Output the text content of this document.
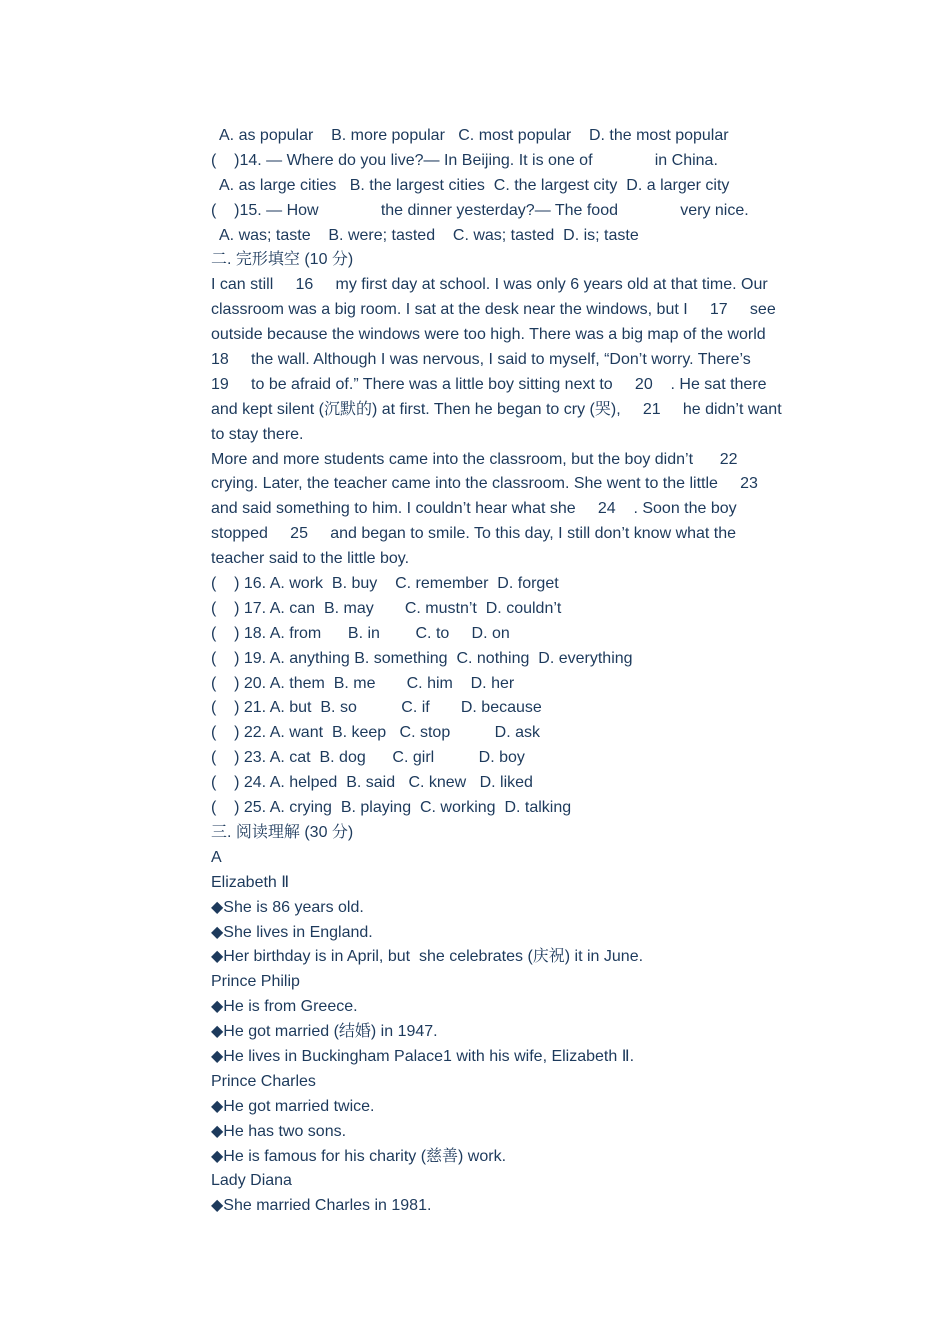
A. as popular    B. more popular   C. most popular    D. the most popular
(    )14. — Where do you live?— In Beijing. It is one of              in China.
A. as large cities   B. the largest cities  C. the largest city  D. a larger city
(    )15. — How              the dinner yesterday?— The food              very nice.
A. was; taste    B. were; tasted    C. was; tasted  D. is; taste
二. 完形填空 (10 分)
I can still     16     my first day at school. I was only 6 years old at that time. Our
classroom was a big room. I sat at the desk near the windows, but I     17     see
outside because the windows were too high. There was a big map of the world
18     the wall. Although I was nervous, I said to myself, “Don’t worry. There’s
19     to be afraid of.” There was a little boy sitting next to     20    . He sat there
and kept silent (沉默的) at first. Then he began to cry (哭),     21     he didn’t want
to stay there.
More and more students came into the classroom, but the boy didn’t      22
crying. Later, the teacher came into the classroom. She went to the little     23
and said something to him. I couldn’t hear what she     24    . Soon the boy
stopped     25     and began to smile. To this day, I still don’t know what the
teacher said to the little boy.
(    ) 16. A. work  B. buy    C. remember  D. forget
(    ) 17. A. can  B. may       C. mustn’t  D. couldn’t
(    ) 18. A. from      B. in        C. to     D. on
(    ) 19. A. anything B. something  C. nothing  D. everything
(    ) 20. A. them  B. me       C. him    D. her
(    ) 21. A. but  B. so          C. if       D. because
(    ) 22. A. want  B. keep   C. stop          D. ask
(    ) 23. A. cat  B. dog      C. girl          D. boy
(    ) 24. A. helped  B. said   C. knew   D. liked
(    ) 25. A. crying  B. playing  C. working  D. talking
三. 阅读理解 (30 分)
A
Elizabeth Ⅱ
◆She is 86 years old.
◆She lives in England.
◆Her birthday is in April, but  she celebrates (庆祝) it in June.
Prince Philip
◆He is from Greece.
◆He got married (结婚) in 1947.
◆He lives in Buckingham Palace1 with his wife, Elizabeth Ⅱ.
Prince Charles
◆He got married twice.
◆He has two sons.
◆He is famous for his charity (慈善) work.
Lady Diana
◆She married Charles in 1981.
